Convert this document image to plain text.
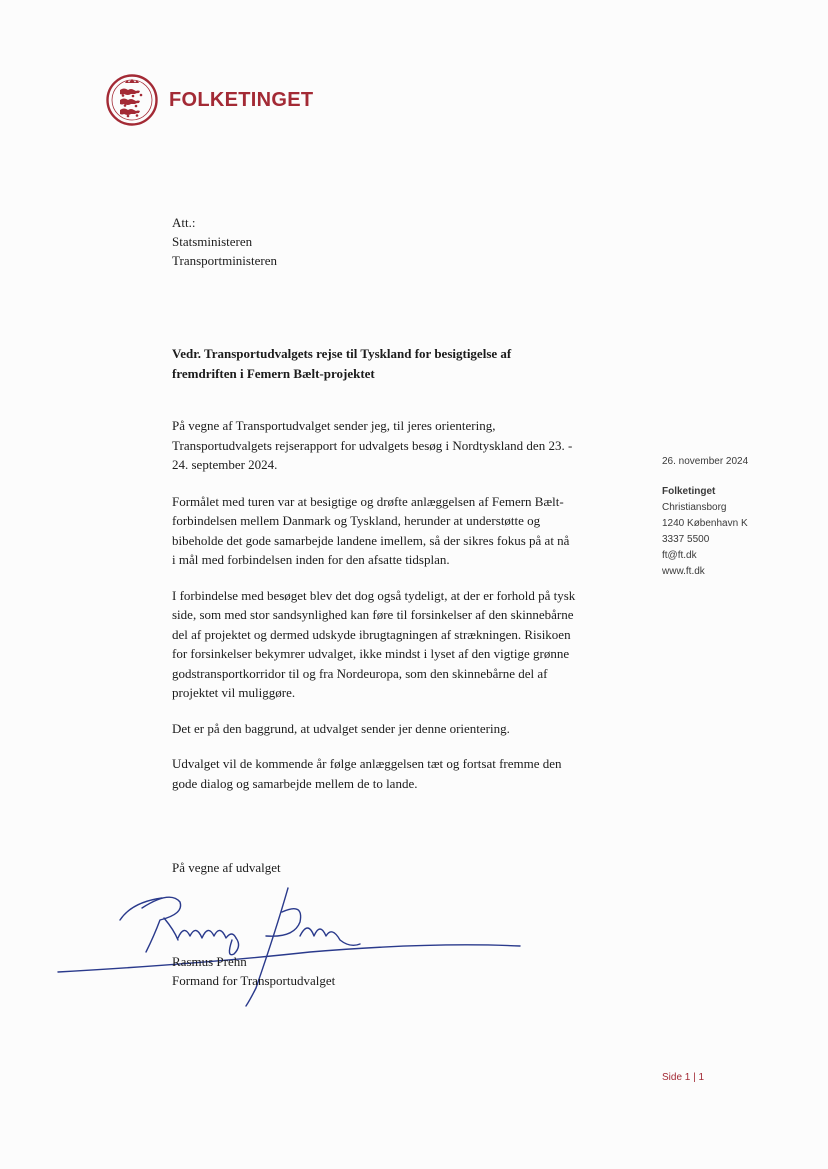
FOLKETINGET
Att.:
Statsministeren
Transportministeren
Vedr. Transportudvalgets rejse til Tyskland for besigtigelse af
fremdriften i Femern Bælt-projektet

På vegne af Transportudvalget sender jeg, til jeres orientering,
Transportudvalgets rejserapport for udvalgets besøg i Nordtyskland den 23. -
24. september 2024.

Formålet med turen var at besigtige og drøfte anlæggelsen af Femern Bælt-
forbindelsen mellem Danmark og Tyskland, herunder at understøtte og
bibeholde det gode samarbejde landene imellem, så der sikres fokus på at nå
i mål med forbindelsen inden for den afsatte tidsplan.

I forbindelse med besøget blev det dog også tydeligt, at der er forhold på tysk
side, som med stor sandsynlighed kan føre til forsinkelser af den skinnebårne
del af projektet og dermed udskyde ibrugtagningen af strækningen. Risikoen
for forsinkelser bekymrer udvalget, ikke mindst i lyset af den vigtige grønne
godstransportkorridor til og fra Nordeuropa, som den skinnebårne del af
projektet vil muliggøre.

Det er på den baggrund, at udvalget sender jer denne orientering.

Udvalget vil de kommende år følge anlæggelsen tæt og fortsat fremme den
gode dialog og samarbejde mellem de to lande.

26. november 2024
Folketinget
Christiansborg
1240 København K
3337 5500
ft@ft.dk
www.ft.dk
På vegne af udvalget
Rasmus Prehn
Formand for Transportudvalget
Side 1 | 1
